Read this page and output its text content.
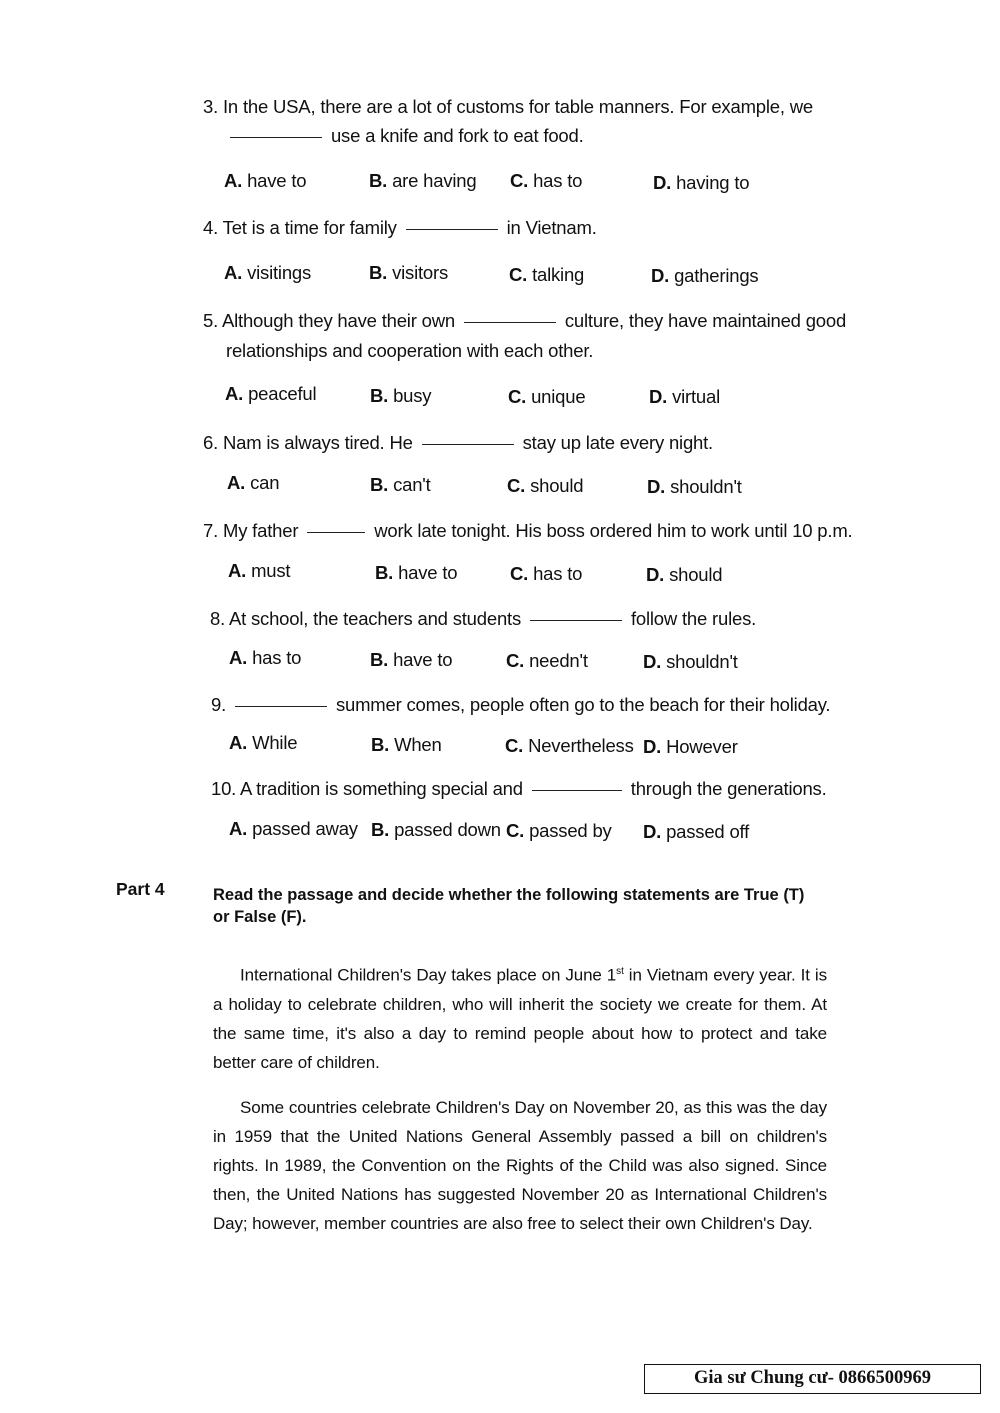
3. In the USA, there are a lot of customs for table manners. For example, we
use a knife and fork to eat food.
A. have to	B. are having C. has to	D. having to
4. Tet is a time for family	in Vietnam.
A. visitings	B. visitors	C. talking	D. gatherings
5. Although they have their own	culture, they have maintained good
relationships and cooperation with each other.
A. peaceful	B. busy	C. unique	D. virtual
6. Nam is always tired. He	stay up late every night.
A. can	B. can't	C. should	D. shouldn't
7. My father	work late tonight. His boss ordered him to work until 10 p.m.
A. must	B. have to	C. has to	D. should
8. At school, the teachers and students	follow the rules.
A. has to	B. have to	C. needn't	D. shouldn't
9.	summer comes, people often go to the beach for their holiday.
A. While	B. When	C. Nevertheless D. However
10. A tradition is something special and	through the generations.
A. passed away B. passed down C. passed by D. passed off
Part 4	Read the passage and decide whether the following statements are True (T) or False (F).
International Children's Day takes place on June 1st in Vietnam every year. It is a holiday to celebrate children, who will inherit the society we create for them. At the same time, it's also a day to remind people about how to protect and take better care of children.
Some countries celebrate Children's Day on November 20, as this was the day in 1959 that the United Nations General Assembly passed a bill on children's rights. In 1989, the Convention on the Rights of the Child was also signed. Since then, the United Nations has suggested November 20 as International Children's Day; however, member countries are also free to select their own Children's Day.
Gia sư Chung cư- 0866500969
